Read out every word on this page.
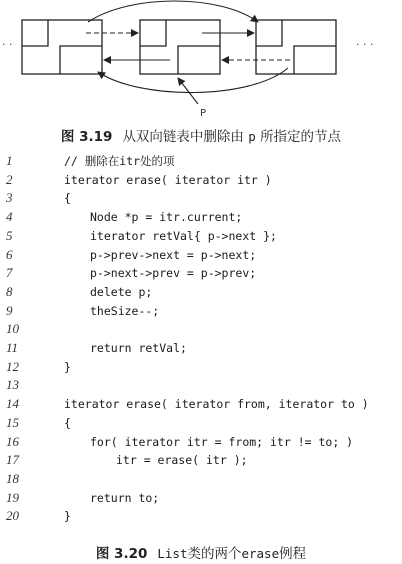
· ·	· · ·
P
图 3.19 从双向链表中删除由 p 所指定的节点
1	// 删除在itr处的项
2	iterator erase( iterator itr )
3	{
4	Node *p = itr.current;
5	iterator retVal{ p->next };
6	p->prev->next = p->next;
7	p->next->prev = p->prev;
8	delete p;
9	theSize--;
10
11	return retVal;
12	}
13
14	iterator erase( iterator from, iterator to )
15	{
16	for( iterator itr = from; itr != to; )
17	itr = erase( itr );
18
19	return to;
20	}
图 3.20 List类的两个erase例程
